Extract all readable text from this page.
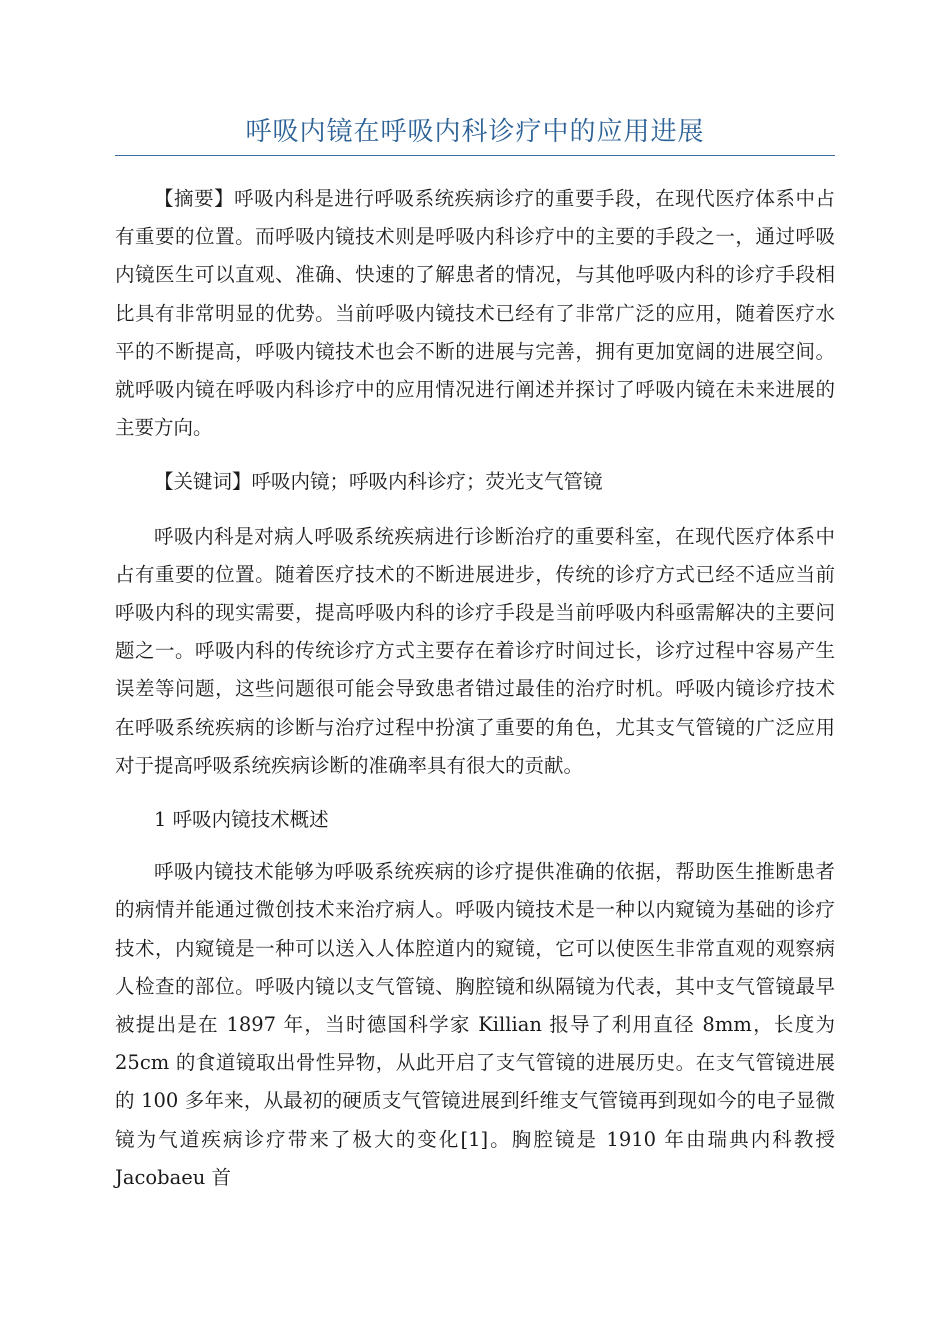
呼吸内镜在呼吸内科诊疗中的应用进展

【摘要】呼吸内科是进行呼吸系统疾病诊疗的重要手段，在现代医疗体系中占有重要的位置。而呼吸内镜技术则是呼吸内科诊疗中的主要的手段之一，通过呼吸内镜医生可以直观、准确、快速的了解患者的情况，与其他呼吸内科的诊疗手段相比具有非常明显的优势。当前呼吸内镜技术已经有了非常广泛的应用，随着医疗水平的不断提高，呼吸内镜技术也会不断的进展与完善，拥有更加宽阔的进展空间。就呼吸内镜在呼吸内科诊疗中的应用情况进行阐述并探讨了呼吸内镜在未来进展的主要方向。

【关键词】呼吸内镜；呼吸内科诊疗；荧光支气管镜

呼吸内科是对病人呼吸系统疾病进行诊断治疗的重要科室，在现代医疗体系中占有重要的位置。随着医疗技术的不断进展进步，传统的诊疗方式已经不适应当前呼吸内科的现实需要，提高呼吸内科的诊疗手段是当前呼吸内科亟需解决的主要问题之一。呼吸内科的传统诊疗方式主要存在着诊疗时间过长，诊疗过程中容易产生误差等问题，这些问题很可能会导致患者错过最佳的治疗时机。呼吸内镜诊疗技术在呼吸系统疾病的诊断与治疗过程中扮演了重要的角色，尤其支气管镜的广泛应用对于提高呼吸系统疾病诊断的准确率具有很大的贡献。

1 呼吸内镜技术概述

呼吸内镜技术能够为呼吸系统疾病的诊疗提供准确的依据，帮助医生推断患者的病情并能通过微创技术来治疗病人。呼吸内镜技术是一种以内窥镜为基础的诊疗技术，内窥镜是一种可以送入人体腔道内的窥镜，它可以使医生非常直观的观察病人检查的部位。呼吸内镜以支气管镜、胸腔镜和纵隔镜为代表，其中支气管镜最早被提出是在 1897 年，当时德国科学家 Killian 报导了利用直径 8mm，长度为 25cm 的食道镜取出骨性异物，从此开启了支气管镜的进展历史。在支气管镜进展的 100 多年来，从最初的硬质支气管镜进展到纤维支气管镜再到现如今的电子显微镜为气道疾病诊疗带来了极大的变化[1]。胸腔镜是 1910 年由瑞典内科教授 Jacobaeu 首
